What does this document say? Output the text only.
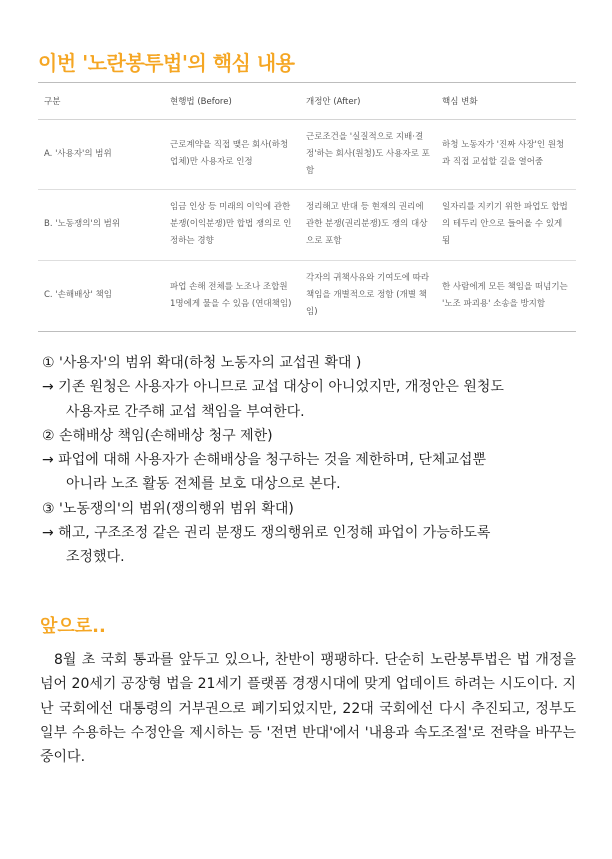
이번 '노란봉투법'의 핵심 내용
구분	현행법 (Before)	개정안 (After)	핵심 변화
A. '사용자'의 범위	근로계약을 직접 맺은 회사(하청 업체)만 사용자로 인정	근로조건을 '실질적으로 지배·결정'하는 회사(원청)도 사용자로 포함	하청 노동자가 '진짜 사장'인 원청과 직접 교섭할 길을 열어줌
B. '노동쟁의'의 범위	임금 인상 등 미래의 이익에 관한 분쟁(이익분쟁)만 합법 쟁의로 인정하는 경향	정리해고 반대 등 현재의 권리에 관한 분쟁(권리분쟁)도 쟁의 대상으로 포함	일자리를 지키기 위한 파업도 합법의 테두리 안으로 들어올 수 있게 됨
C. '손해배상' 책임	파업 손해 전체를 노조나 조합원 1명에게 물을 수 있음 (연대책임)	각자의 귀책사유와 기여도에 따라 책임을 개별적으로 정함 (개별 책임)	한 사람에게 모든 책임을 떠넘기는 '노조 파괴용' 소송을 방지함
① '사용자'의 범위 확대(하청 노동자의 교섭권 확대 )
→ 기존 원청은 사용자가 아니므로 교섭 대상이 아니었지만, 개정안은 원청도
사용자로 간주해 교섭 책임을 부여한다.
② 손해배상 책임(손해배상 청구 제한)
→ 파업에 대해 사용자가 손해배상을 청구하는 것을 제한하며, 단체교섭뿐
아니라 노조 활동 전체를 보호 대상으로 본다.
③ '노동쟁의'의 범위(쟁의행위 범위 확대)
→ 해고, 구조조정 같은 권리 분쟁도 쟁의행위로 인정해 파업이 가능하도록
조정했다.
앞으로..
8월 초 국회 통과를 앞두고 있으나, 찬반이 팽팽하다. 단순히 노란봉투법은 법 개정을 넘어 20세기 공장형 법을 21세기 플랫폼 경쟁시대에 맞게 업데이트 하려는 시도이다. 지난 국회에선 대통령의 거부권으로 폐기되었지만, 22대 국회에선 다시 추진되고, 정부도 일부 수용하는 수정안을 제시하는 등 '전면 반대'에서 '내용과 속도조절'로 전략을 바꾸는 중이다.
